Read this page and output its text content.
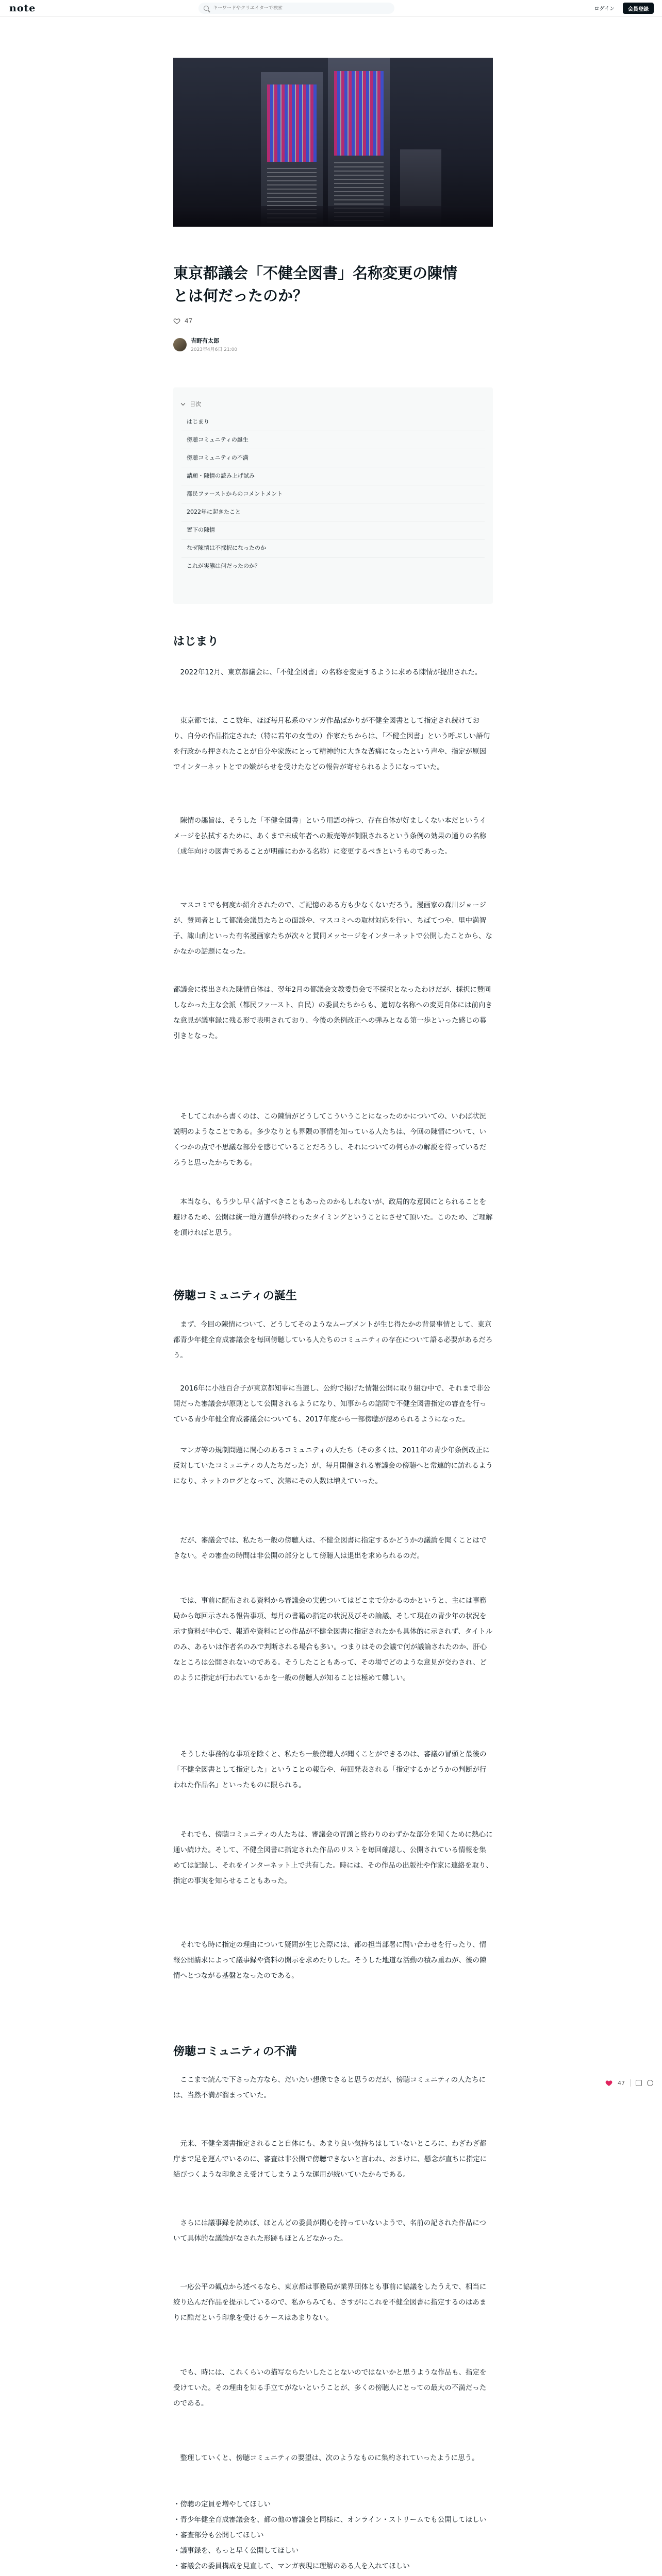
note
キーワードやクリエイターで検索	ログイン	会員登録
東京都議会「不健全図書」名称変更の陳情
とは何だったのか？
47
吉野有太郎
2023年4月6日 21:00
目次
はじまり
傍聴コミュニティの誕生
傍聴コミュニティの不満
請願・陳情の読み上げ試み
都民ファーストからのコメントメント
2022年に起きたこと
置下の陳情
なぜ陳情は不採択になったのか
これが実態は何だったのか？
はじまり

　2022年12月、東京都議会に、「不健全図書」の名称を変更するように求める陳情が提出された。

　東京都では、ここ数年、ほぼ毎月私系のマンガ作品ばかりが不健全図書として指定され続けており、自分の作品指定された（特に若年の女性の）作家たちからは、「不健全図書」という呼ぶしい語句を行政から押されたことが自分や家族にとって精神的に大きな苦痛になったという声や、指定が原因でインターネットとでの嫌がらせを受けたなどの報告が寄せられるようになっていた。

　陳情の趣旨は、そうした「不健全図書」という用語の持つ、存在自体が好ましくない本だというイメージを払拭するために、あくまで未成年者への販売等が制限されるという条例の効果の通りの名称（成年向けの図書であることが明確にわかる名称）に変更するべきというものであった。

　マスコミでも何度か紹介されたので、ご記憶のある方も少なくないだろう。漫画家の森川ジョージが、賛同者として都議会議員たちとの面談や、マスコミへの取材対応を行い、ちばてつや、里中満智子、諏山創といった有名漫画家たちが次々と賛同メッセージをインターネットで公開したことから、なかなかの話題になった。

都議会に提出された陳情自体は、翌年2月の都議会文教委員会で不採択となったわけだが、採択に賛同しなかった主な会派（都民ファースト、自民）の委員たちからも、適切な名称への変更自体には前向きな意見が議事録に残る形で表明されており、今後の条例改正への弾みとなる第一歩といった感じの幕引きとなった。

　そしてこれから書くのは、この陳情がどうしてこういうことになったのかについての、いわば状況説明のようなことである。多少なりとも界隈の事情を知っている人たちは、今回の陳情について、いくつかの点で不思議な部分を感じていることだろうし、それについての何らかの解説を待っているだろうと思ったからである。

　本当なら、もう少し早く話すべきこともあったのかもしれないが、政局的な意図にとられることを避けるため、公開は統一地方選挙が終わったタイミングということにさせて頂いた。このため、ご理解を頂ければと思う。

傍聴コミュニティの誕生

　まず、今回の陳情について、どうしてそのようなムーブメントが生じ得たかの背景事情として、東京都青少年健全育成審議会を毎回傍聴している人たちのコミュニティの存在について語る必要があるだろう。

　2016年に小池百合子が東京都知事に当選し、公約で掲げた情報公開に取り組む中で、それまで非公開だった審議会が原則として公開されるようになり、知事からの諮問で不健全図書指定の審査を行っている青少年健全育成審議会についても、2017年度から一部傍聴が認められるようになった。

　マンガ等の規制問題に関心のあるコミュニティの人たち（その多くは、2011年の青少年条例改正に反対していたコミュニティの人たちだった）が、毎月開催される審議会の傍聴へと常連的に訪れるようになり、ネットのログとなって、次第にその人数は増えていった。

　だが、審議会では、私たち一般の傍聴人は、不健全図書に指定するかどうかの議論を聞くことはできない。その審査の時間は非公開の部分として傍聴人は退出を求められるのだ。

　では、事前に配布される資料から審議会の実態ついてはどこまで分かるのかというと、主には事務局から毎回示される報告事項、毎月の書籍の指定の状況及びその論議、そして現在の青少年の状況を示す資料が中心で、報道や資料にどの作品が不健全図書に指定されたかも具体的に示されず、タイトルのみ、あるいは作者名のみで判断される場合も多い。つまりはその会議で何が議論されたのか、肝心なところは公開されないのである。そうしたこともあって、その場でどのような意見が交わされ、どのように指定が行われているかを一般の傍聴人が知ることは極めて難しい。

　そうした事務的な事項を除くと、私たち一般傍聴人が聞くことができるのは、審議の冒頭と最後の「不健全図書として指定した」ということの報告や、毎回発表される「指定するかどうかの判断が行われた作品名」といったものに限られる。

　それでも、傍聴コミュニティの人たちは、審議会の冒頭と終わりのわずかな部分を聞くために熱心に通い続けた。そして、不健全図書に指定された作品のリストを毎回確認し、公開されている情報を集めては記録し、それをインターネット上で共有した。時には、その作品の出版社や作家に連絡を取り、指定の事実を知らせることもあった。

　それでも時に指定の理由について疑問が生じた際には、都の担当部署に問い合わせを行ったり、情報公開請求によって議事録や資料の開示を求めたりした。そうした地道な活動の積み重ねが、後の陳情へとつながる基盤となったのである。

傍聴コミュニティの不満

　ここまで読んで下さった方なら、だいたい想像できると思うのだが、傍聴コミュニティの人たちには、当然不満が溜まっていた。

　元来、不健全図書指定されること自体にも、あまり良い気持ちはしていないところに、わざわざ都庁まで足を運んでいるのに、審査は非公開で傍聴できないと言われ、おまけに、懸念が直ちに指定に結びつくような印象さえ受けてしまうような運用が続いていたからである。

　さらには議事録を読めば、ほとんどの委員が関心を持っていないようで、名前の記された作品について具体的な議論がなされた形跡もほとんどなかった。

　一応公平の観点から述べるなら、東京都は事務局が業界団体とも事前に協議をしたうえで、相当に絞り込んだ作品を提示しているので、私からみても、さすがにこれを不健全図書に指定するのはあまりに酷だという印象を受けるケースはあまりない。

　でも、時には、これくらいの描写ならたいしたことないのではないかと思うような作品も、指定を受けていた。その理由を知る手立てがないということが、多くの傍聴人にとっての最大の不満だったのである。

　整理していくと、傍聴コミュニティの要望は、次のようなものに集約されていったように思う。

・傍聴の定員を増やしてほしい
・青少年健全育成審議会を、都の他の審議会と同様に、オンライン・ストリームでも公開してほしい
・審査部分も公開してほしい
・議事録を、もっと早く公開してほしい
・審議会の委員構成を見直して、マンガ表現に理解のある人を入れてほしい
47
